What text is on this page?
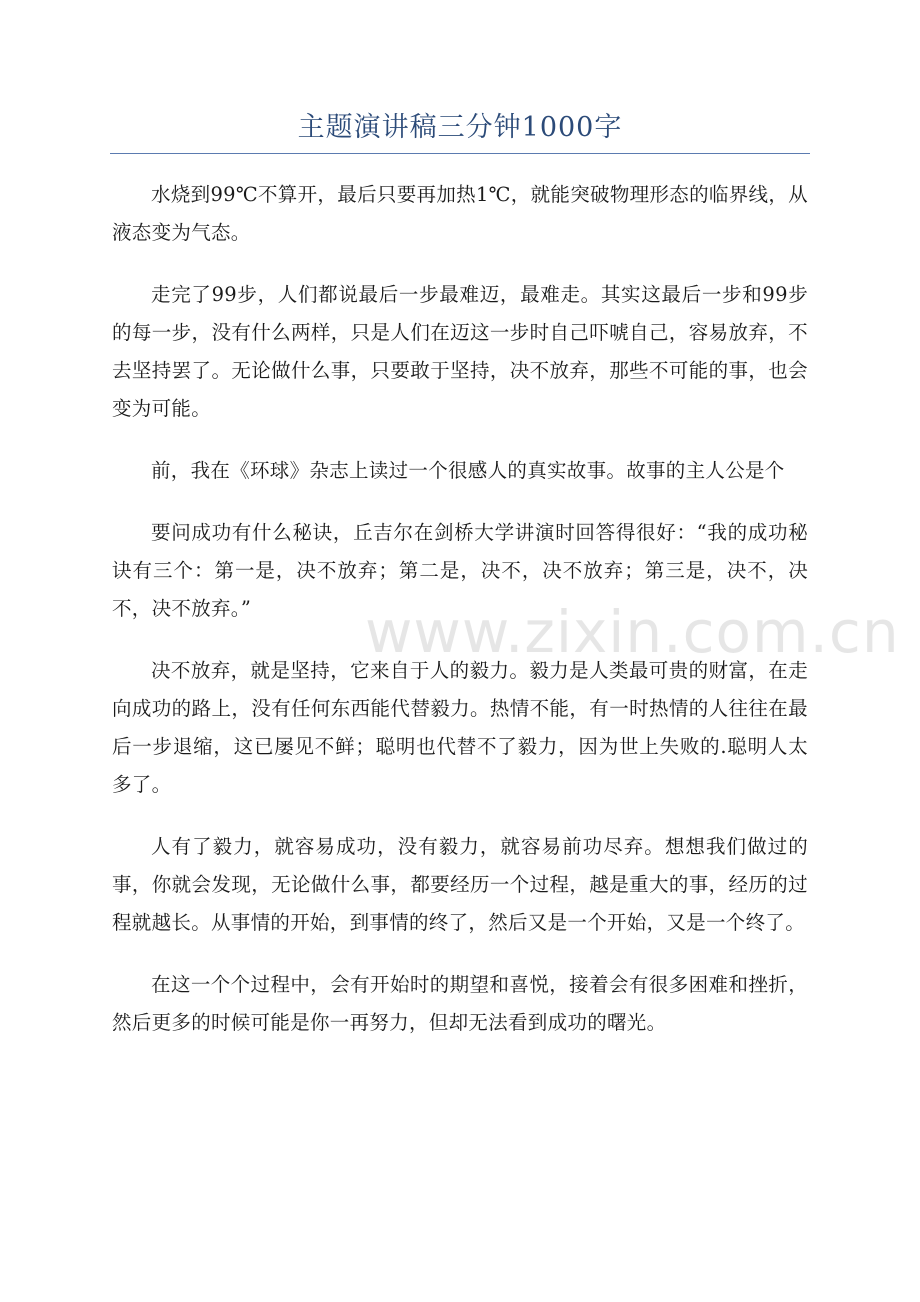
主题演讲稿三分钟1000字

水烧到99℃不算开，最后只要再加热1℃，就能突破物理形态的临界线，从液态变为气态。

走完了99步，人们都说最后一步最难迈，最难走。其实这最后一步和99步的每一步，没有什么两样，只是人们在迈这一步时自己吓唬自己，容易放弃，不去坚持罢了。无论做什么事，只要敢于坚持，决不放弃，那些不可能的事，也会变为可能。

前，我在《环球》杂志上读过一个很感人的真实故事。故事的主人公是个

要问成功有什么秘诀，丘吉尔在剑桥大学讲演时回答得很好：“我的成功秘诀有三个：第一是，决不放弃；第二是，决不，决不放弃；第三是，决不，决不，决不放弃。”

决不放弃，就是坚持，它来自于人的毅力。毅力是人类最可贵的财富，在走向成功的路上，没有任何东西能代替毅力。热情不能，有一时热情的人往往在最后一步退缩，这已屡见不鲜；聪明也代替不了毅力，因为世上失败的.聪明人太多了。

人有了毅力，就容易成功，没有毅力，就容易前功尽弃。想想我们做过的事，你就会发现，无论做什么事，都要经历一个过程，越是重大的事，经历的过程就越长。从事情的开始，到事情的终了，然后又是一个开始，又是一个终了。

在这一个个过程中，会有开始时的期望和喜悦，接着会有很多困难和挫折，然后更多的时候可能是你一再努力，但却无法看到成功的曙光。

www.zixin.com.cn
